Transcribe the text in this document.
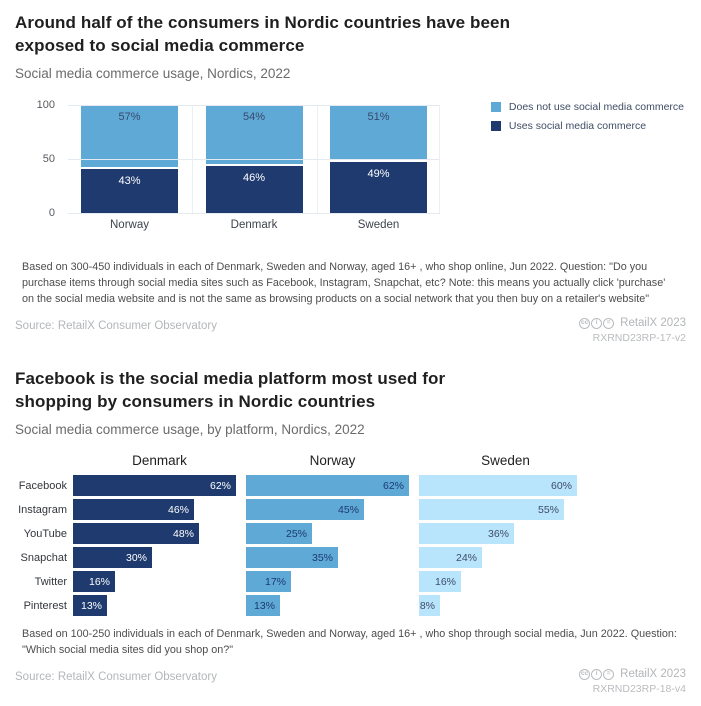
Around half of the consumers in Nordic countries have been exposed to social media commerce

Social media commerce usage, Nordics, 2022

0
50
100
57%
43%
54%
46%
51%
49%
Norway	Denmark	Sweden
Does not use social media commerce
Uses social media commerce

Based on 300-450 individuals in each of Denmark, Sweden and Norway, aged 16+ , who shop online, Jun 2022. Question: "Do you purchase items through social media sites such as Facebook, Instagram, Snapchat, etc? Note: this means you actually click 'purchase' on the social media website and is not the same as browsing products on a social network that you then buy on a retailer's website"

Source: RetailX Consumer Observatory	cc	i	= RetailX 2023
RXRND23RP-17-v2
Facebook is the social media platform most used for shopping by consumers in Nordic countries

Social media commerce usage, by platform, Nordics, 2022

Denmark	Norway	Sweden
Facebook	62%	62%	60%
Instagram	46%	45%	55%
YouTube	48%	25%	36%
Snapchat	30%	35%	24%
Twitter	16%	17%	16%
Pinterest	13%	13%	8%

Based on 100-250 individuals in each of Denmark, Sweden and Norway, aged 16+ , who shop through social media, Jun 2022. Question: "Which social media sites did you shop on?"

Source: RetailX Consumer Observatory	cc	i	= RetailX 2023
RXRND23RP-18-v4
